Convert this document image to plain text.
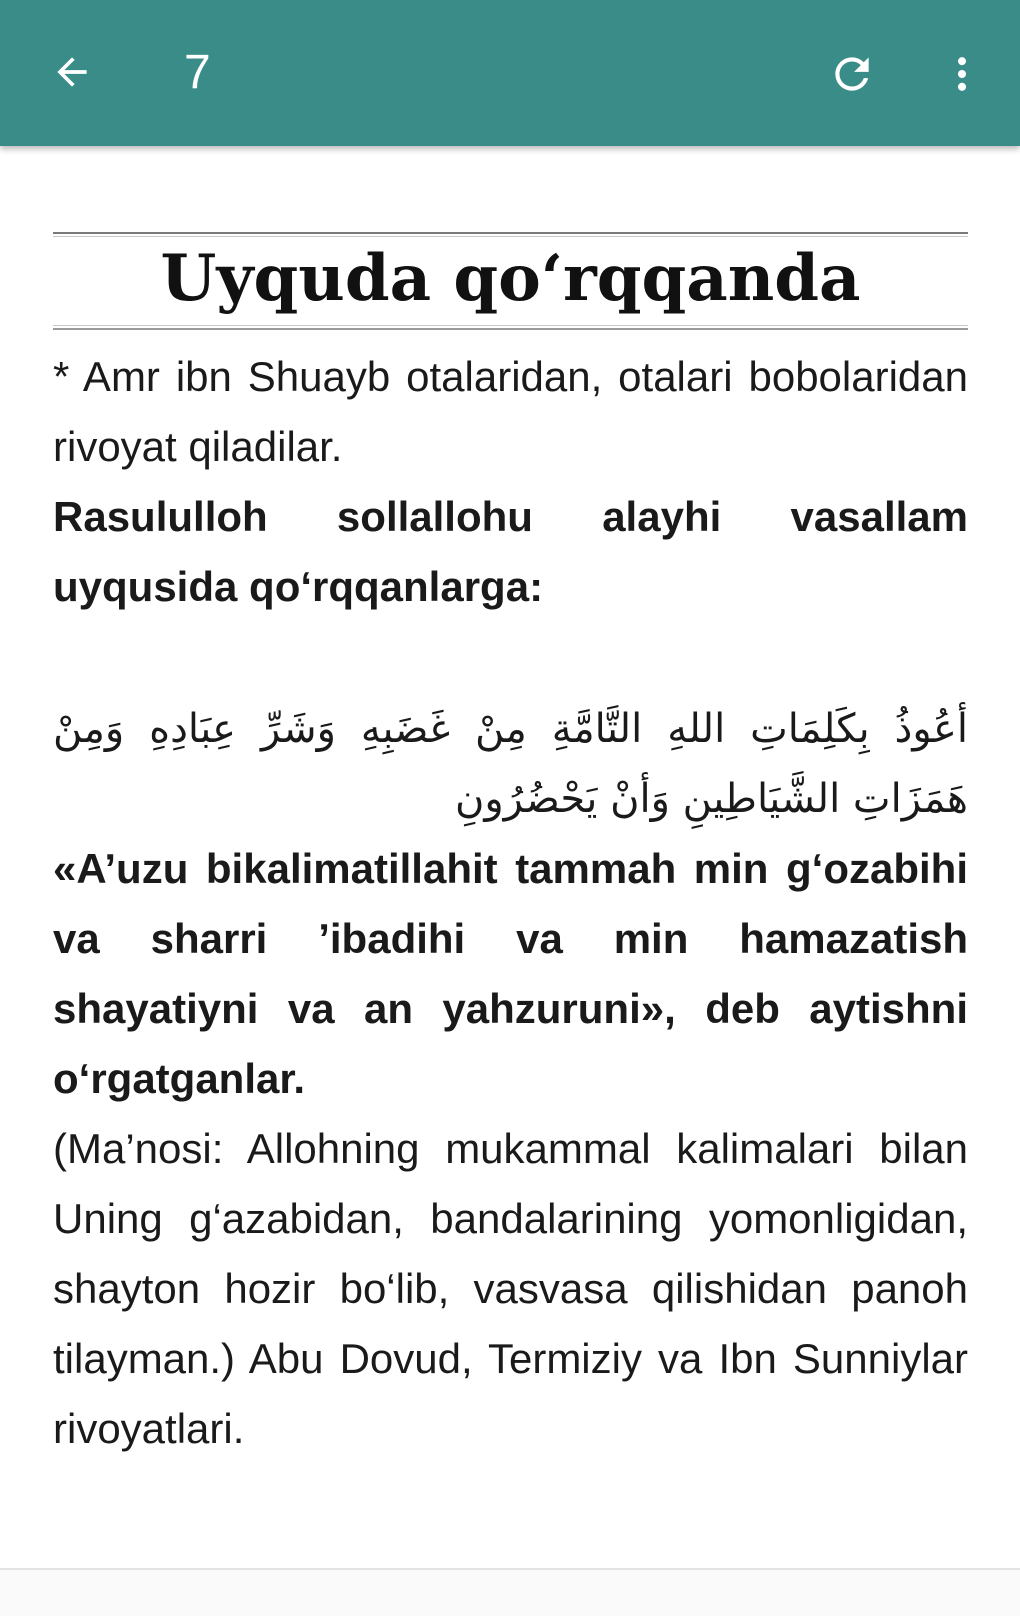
7
Uyquda qo‘rqqanda

* Amr ibn Shuayb otalaridan, otalari bobolaridan rivoyat qiladilar.

Rasululloh sollallohu alayhi vasallam uyqusida qo‘rqqanlarga:

أعُوذُ بِكَلِمَاتِ اللهِ التَّامَّةِ مِنْ غَضَبِهِ وَشَرِّ عِبَادِهِ وَمِنْ هَمَزَاتِ الشَّيَاطِينِ وَأنْ يَحْضُرُونِ

«A’uzu bikalimatillahit tammah min g‘ozabihi va sharri ’ibadihi va min hamazatish shayatiyni va an yahzuruni», deb aytishni o‘rgatganlar.

(Ma’nosi: Allohning mukammal kalimalari bilan Uning g‘azabidan, bandalarining yomonligidan, shayton hozir bo‘lib, vasvasa qilishidan panoh tilayman.) Abu Dovud, Termiziy va Ibn Sunniylar rivoyatlari.
